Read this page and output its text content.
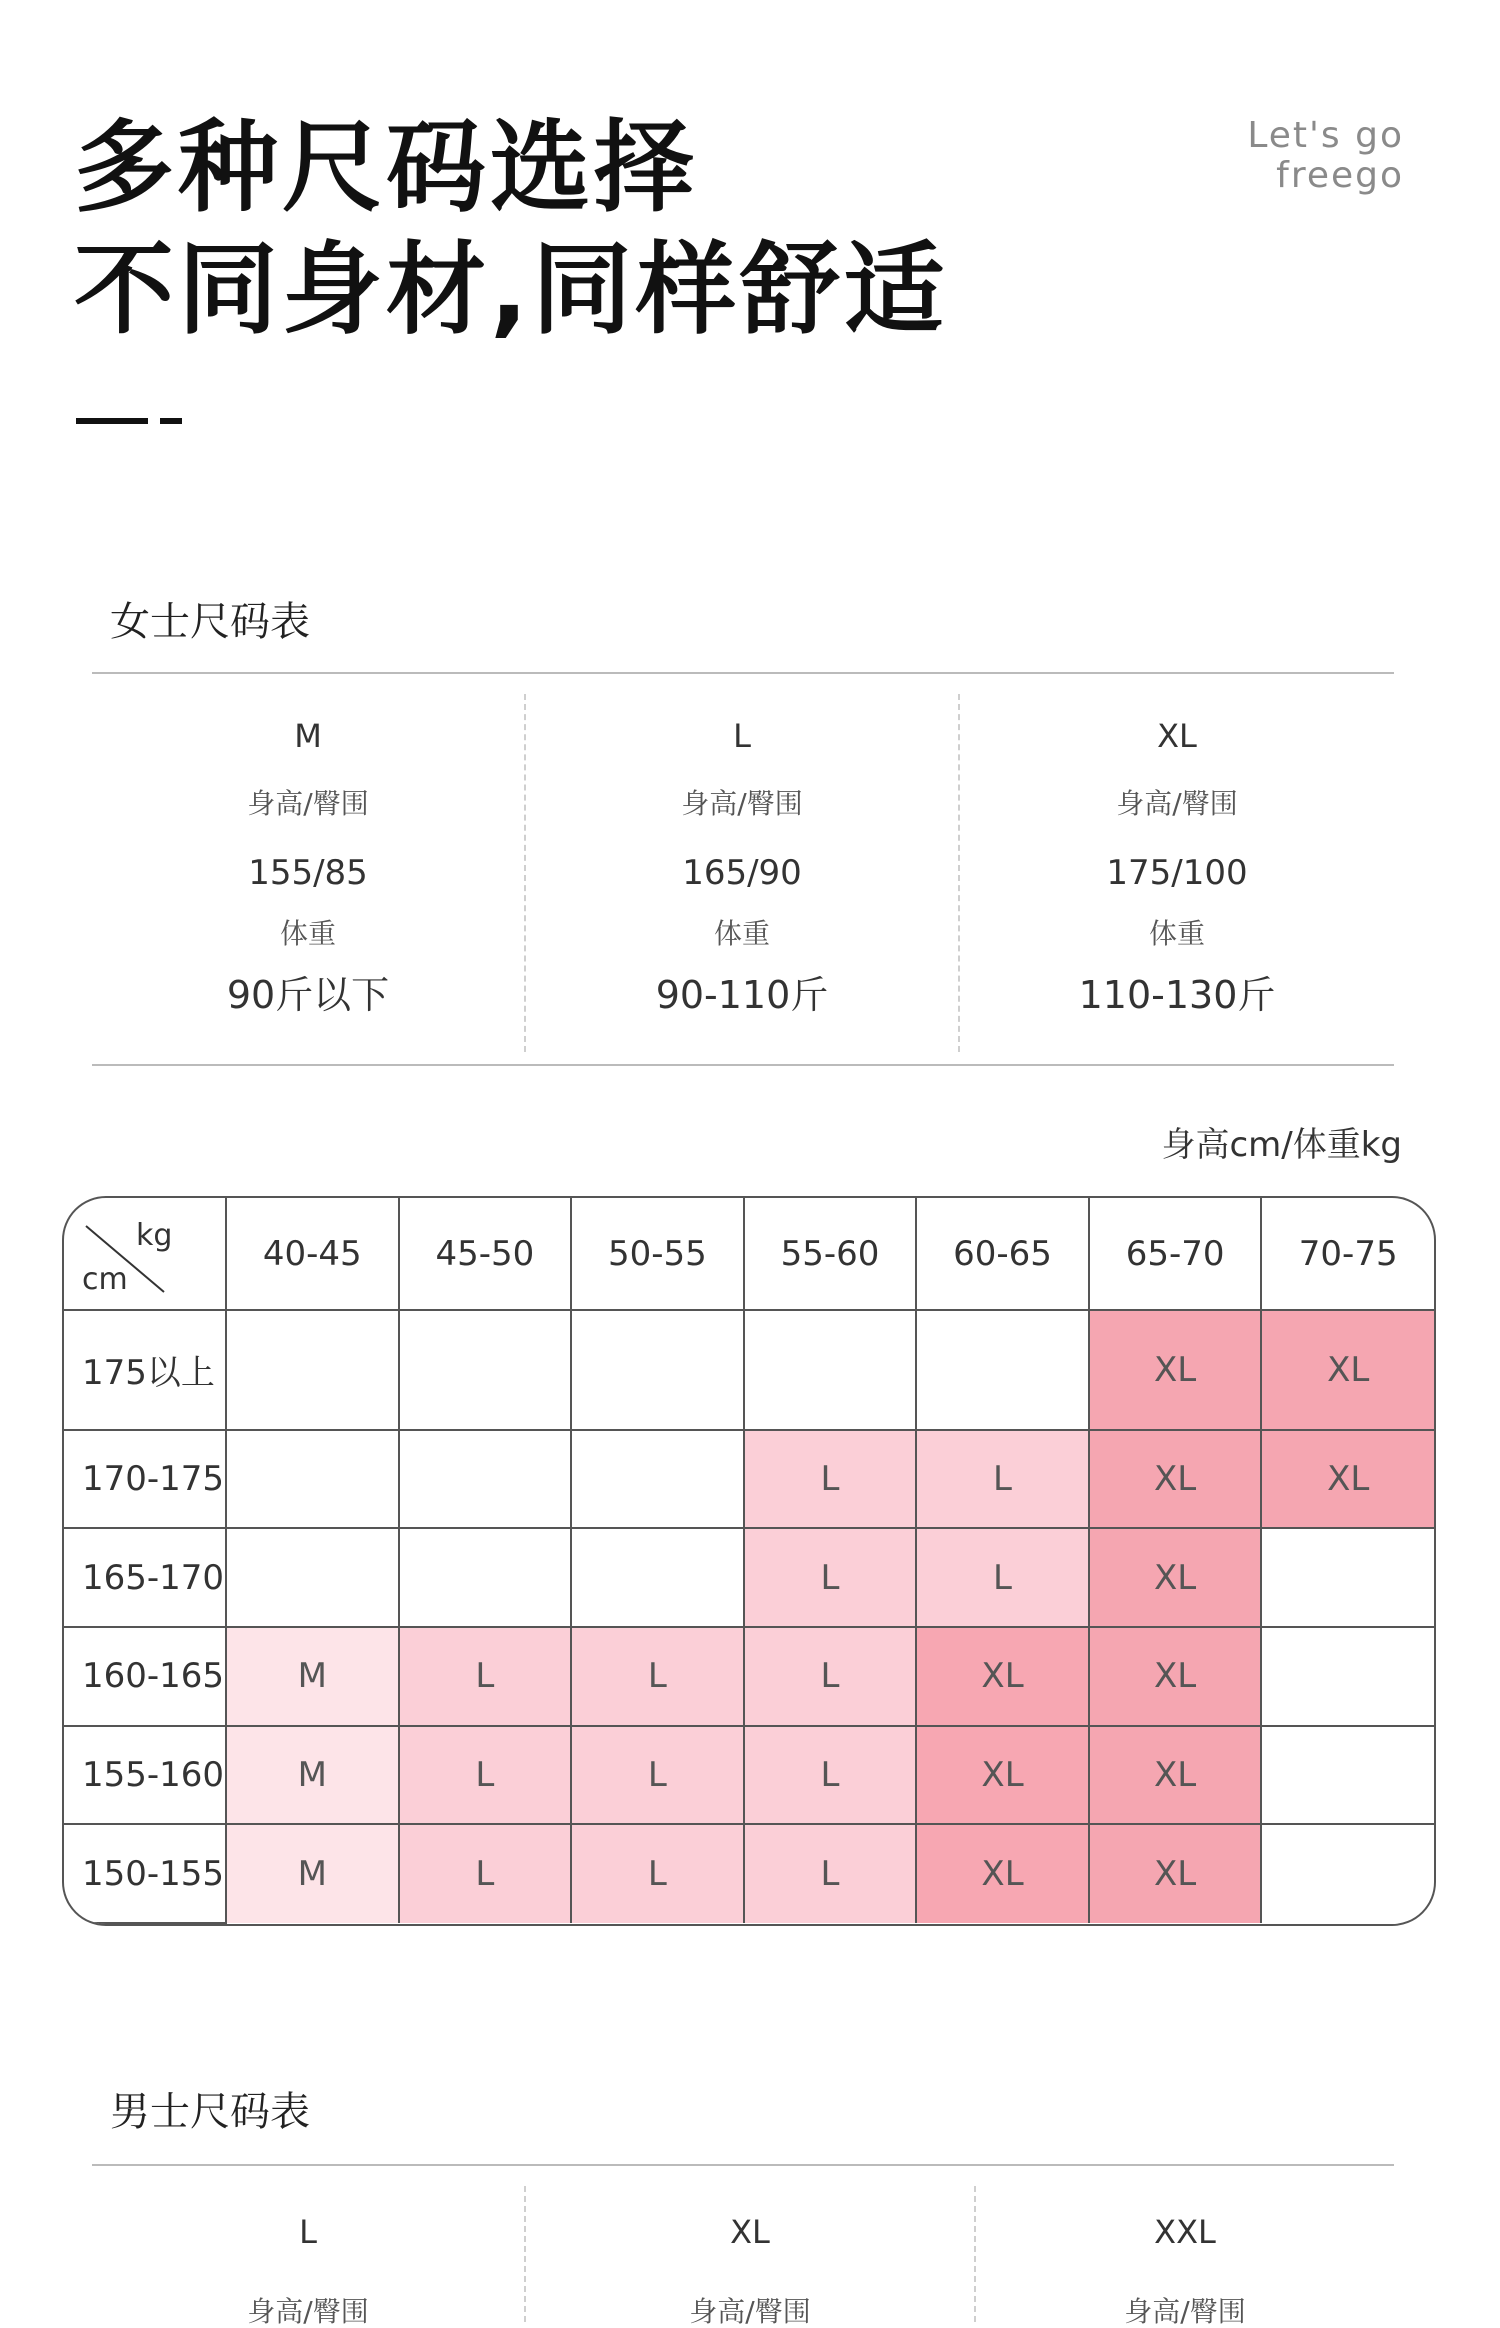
多种尺码选择
不同身材,同样舒适
Let's go
freego
女士尺码表
M
身高/臀围
155/85
体重
90斤以下
L
身高/臀围
165/90
体重
90-110斤
XL
身高/臀围
175/100
体重
110-130斤
身高cm/体重kg
kg
cm	40-45	45-50	50-55	55-60	60-65	65-70	70-75
175以上						XL	XL
170-175				L	L	XL	XL
165-170				L	L	XL	
160-165	M	L	L	L	XL	XL	
155-160	M	L	L	L	XL	XL	
150-155	M	L	L	L	XL	XL	
男士尺码表
L
身高/臀围
XL
身高/臀围
XXL
身高/臀围
